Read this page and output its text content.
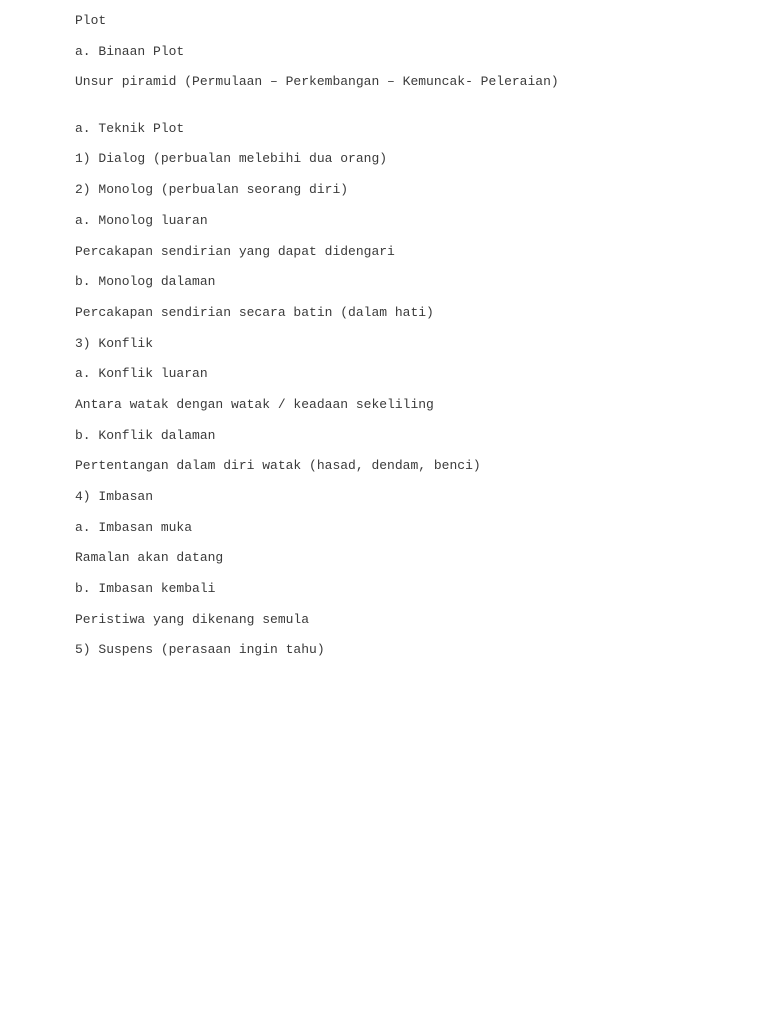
Plot

a. Binaan Plot

Unsur piramid (Permulaan – Perkembangan – Kemuncak- Peleraian)

a. Teknik Plot

1) Dialog (perbualan melebihi dua orang)

2) Monolog (perbualan seorang diri)

a. Monolog luaran

Percakapan sendirian yang dapat didengari

b. Monolog dalaman

Percakapan sendirian secara batin (dalam hati)

3) Konflik

a. Konflik luaran

Antara watak dengan watak / keadaan sekeliling

b. Konflik dalaman

Pertentangan dalam diri watak (hasad, dendam, benci)

4) Imbasan

a. Imbasan muka

Ramalan akan datang

b. Imbasan kembali

Peristiwa yang dikenang semula

5) Suspens (perasaan ingin tahu)
